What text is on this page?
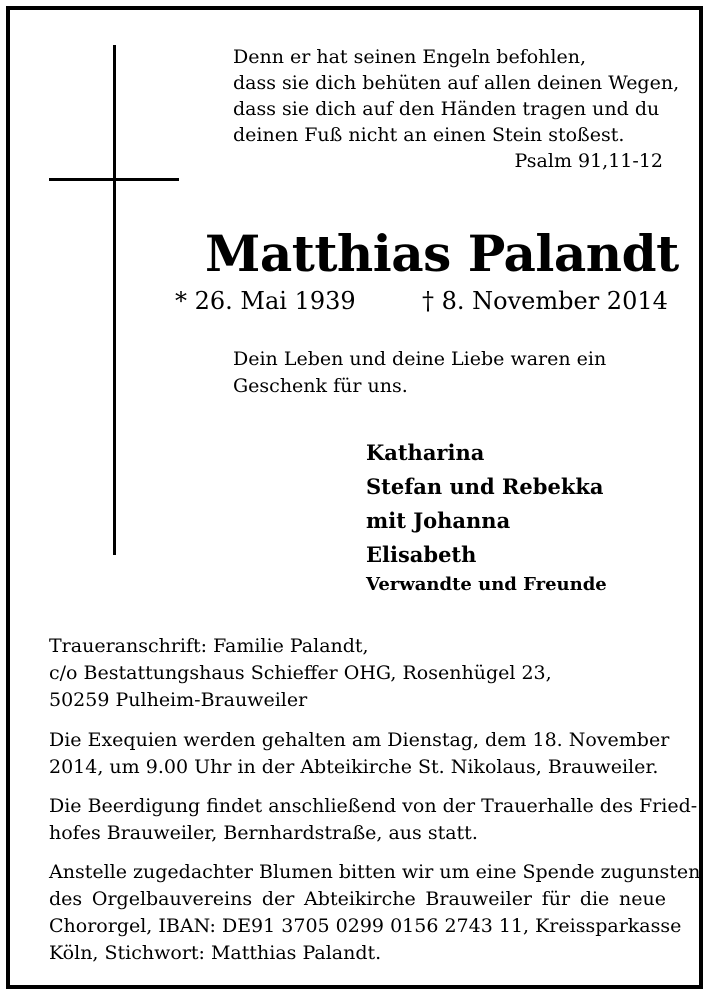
Denn er hat seinen Engeln befohlen,
dass sie dich behüten auf allen deinen Wegen,
dass sie dich auf den Händen tragen und du
deinen Fuß nicht an einen Stein stoßest.
Psalm 91,11-12
Matthias Palandt
* 26. Mai 1939	† 8. November 2014
Dein Leben und deine Liebe waren ein
Geschenk für uns.
Katharina
Stefan und Rebekka
mit Johanna
Elisabeth
Verwandte und Freunde
Traueranschrift: Familie Palandt,
c/o Bestattungshaus Schieffer OHG, Rosenhügel 23,
50259 Pulheim-Brauweiler
Die Exequien werden gehalten am Dienstag, dem 18. November
2014, um 9.00 Uhr in der Abteikirche St. Nikolaus, Brauweiler.
Die Beerdigung findet anschließend von der Trauerhalle des Fried-
hofes Brauweiler, Bernhardstraße, aus statt.
Anstelle zugedachter Blumen bitten wir um eine Spende zugunsten
des Orgelbauvereins der Abteikirche Brauweiler für die neue
Chororgel, IBAN: DE91 3705 0299 0156 2743 11, Kreissparkasse
Köln, Stichwort: Matthias Palandt.
